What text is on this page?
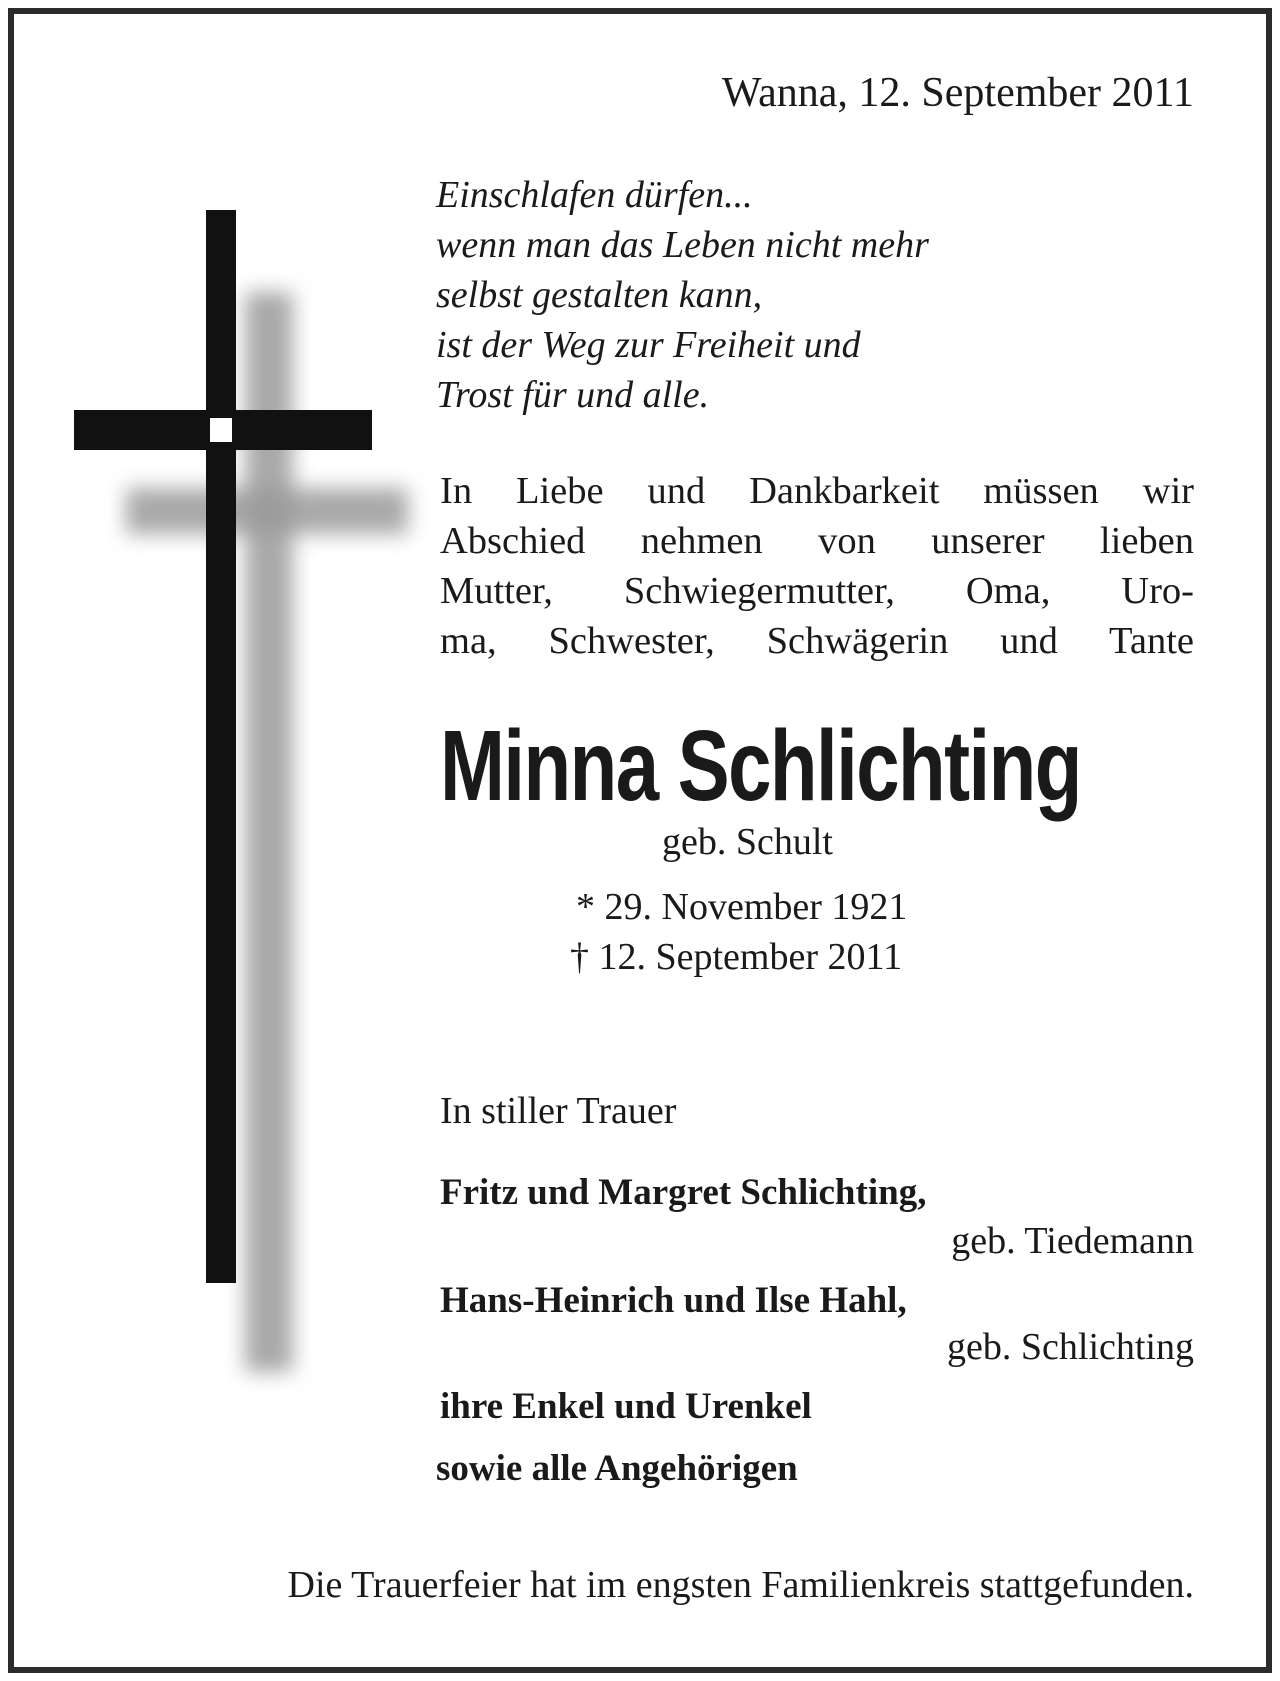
Wanna, 12. September 2011
Einschlafen dürfen...
wenn man das Leben nicht mehr
selbst gestalten kann,
ist der Weg zur Freiheit und
Trost für und alle.
In Liebe und Dankbarkeit müssen wir
Abschied nehmen von unserer lieben
Mutter, Schwiegermutter, Oma, Uro-
ma, Schwester, Schwägerin und Tante
Minna Schlichting
geb. Schult
* 29. November 1921
† 12. September 2011
In stiller Trauer
Fritz und Margret Schlichting,
geb. Tiedemann
Hans-Heinrich und Ilse Hahl,
geb. Schlichting
ihre Enkel und Urenkel
sowie alle Angehörigen
Die Trauerfeier hat im engsten Familienkreis stattgefunden.
